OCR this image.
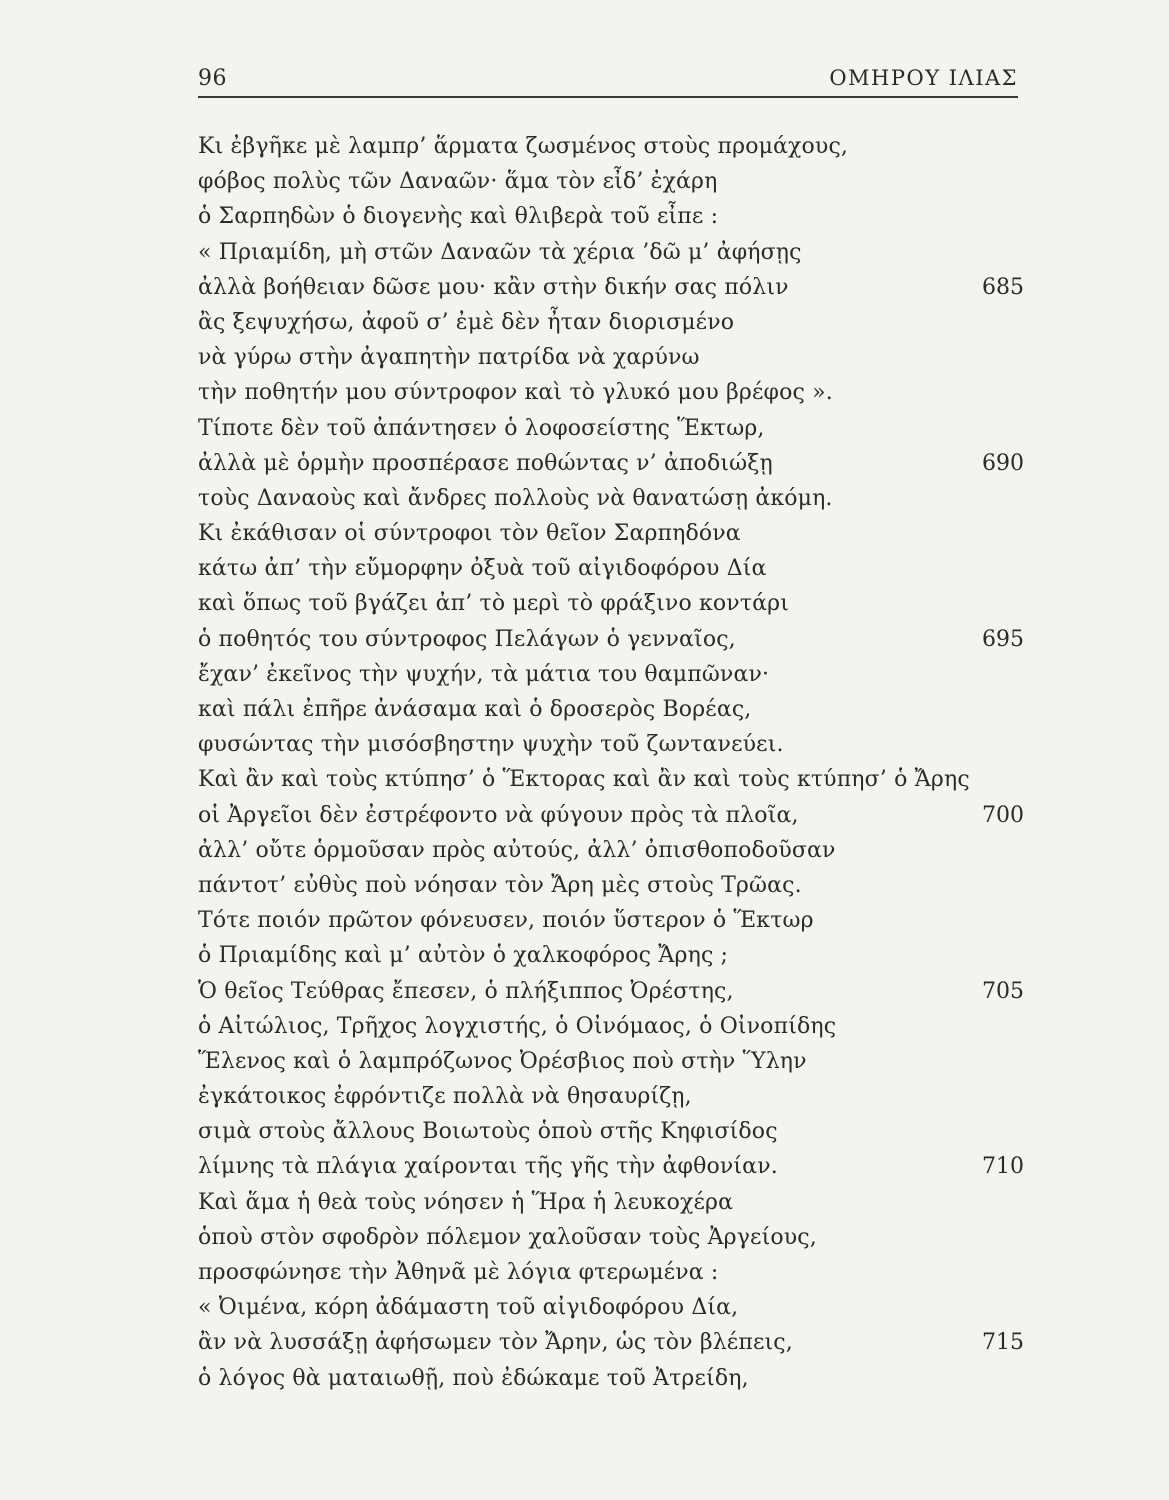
96	ΟΜΗΡΟΥ ΙΛΙΑΣ
Κι ἐβγῆκε μὲ λαμπρ’ ἅρματα ζωσμένος στοὺς προμάχους,
φόβος πολὺς τῶν Δαναῶν· ἅμα τὸν εἶδ’ ἐχάρη
ὁ Σαρπηδὼν ὁ διογενὴς καὶ θλιβερὰ τοῦ εἶπε :
« Πριαμίδη, μὴ στῶν Δαναῶν τὰ χέρια ’δῶ μ’ ἀφήσῃς
ἀλλὰ βοήθειαν δῶσε μου· κἂν στὴν δικήν σας πόλιν	685
ἂς ξεψυχήσω, ἀφοῦ σ’ ἐμὲ δὲν ἦταν διορισμένο
νὰ γύρω στὴν ἀγαπητὴν πατρίδα νὰ χαρύνω
τὴν ποθητήν μου σύντροφον καὶ τὸ γλυκό μου βρέφος ».
Τίποτε δὲν τοῦ ἀπάντησεν ὁ λοφοσείστης Ἕκτωρ,
ἀλλὰ μὲ ὁρμὴν προσπέρασε ποθώντας ν’ ἀποδιώξῃ	690
τοὺς Δαναοὺς καὶ ἄνδρες πολλοὺς νὰ θανατώσῃ ἀκόμη.
Κι ἐκάθισαν οἱ σύντροφοι τὸν θεῖον Σαρπηδόνα
κάτω ἀπ’ τὴν εὔμορφην ὀξυὰ τοῦ αἰγιδοφόρου Δία
καὶ ὅπως τοῦ βγάζει ἀπ’ τὸ μερὶ τὸ φράξινο κοντάρι
ὁ ποθητός του σύντροφος Πελάγων ὁ γενναῖος,	695
ἔχαν’ ἐκεῖνος τὴν ψυχήν, τὰ μάτια του θαμπῶναν·
καὶ πάλι ἐπῆρε ἀνάσαμα καὶ ὁ δροσερὸς Βορέας,
φυσώντας τὴν μισόσβηστην ψυχὴν τοῦ ζωντανεύει.
Καὶ ἂν καὶ τοὺς κτύπησ’ ὁ Ἕκτορας καὶ ἂν καὶ τοὺς κτύπησ’ ὁ Ἄρης
οἱ Ἀργεῖοι δὲν ἐστρέφοντο νὰ φύγουν πρὸς τὰ πλοῖα,	700
ἀλλ’ οὔτε ὁρμοῦσαν πρὸς αὐτούς, ἀλλ’ ὀπισθοποδοῦσαν
πάντοτ’ εὐθὺς ποὺ νόησαν τὸν Ἄρη μὲς στοὺς Τρῶας.
Τότε ποιόν πρῶτον φόνευσεν, ποιόν ὕστερον ὁ Ἕκτωρ
ὁ Πριαμίδης καὶ μ’ αὐτὸν ὁ χαλκοφόρος Ἄρης ;
Ὁ θεῖος Τεύθρας ἔπεσεν, ὁ πλήξιππος Ὀρέστης,	705
ὁ Αἰτώλιος, Τρῆχος λογχιστής, ὁ Οἰνόμαος, ὁ Οἰνοπίδης
Ἕλενος καὶ ὁ λαμπρόζωνος Ὀρέσβιος ποὺ στὴν Ὕλην
ἐγκάτοικος ἐφρόντιζε πολλὰ νὰ θησαυρίζῃ,
σιμὰ στοὺς ἄλλους Βοιωτοὺς ὁποὺ στῆς Κηφισίδος
λίμνης τὰ πλάγια χαίρονται τῆς γῆς τὴν ἀφθονίαν.	710
Καὶ ἅμα ἡ θεὰ τοὺς νόησεν ἡ Ἥρα ἡ λευκοχέρα
ὁποὺ στὸν σφοδρὸν πόλεμον χαλοῦσαν τοὺς Ἀργείους,
προσφώνησε τὴν Ἀθηνᾶ μὲ λόγια φτερωμένα :
« Ὀιμένα, κόρη ἀδάμαστη τοῦ αἰγιδοφόρου Δία,
ἂν νὰ λυσσάξῃ ἀφήσωμεν τὸν Ἄρην, ὡς τὸν βλέπεις,	715
ὁ λόγος θὰ ματαιωθῇ, ποὺ ἐδώκαμε τοῦ Ἀτρείδη,
